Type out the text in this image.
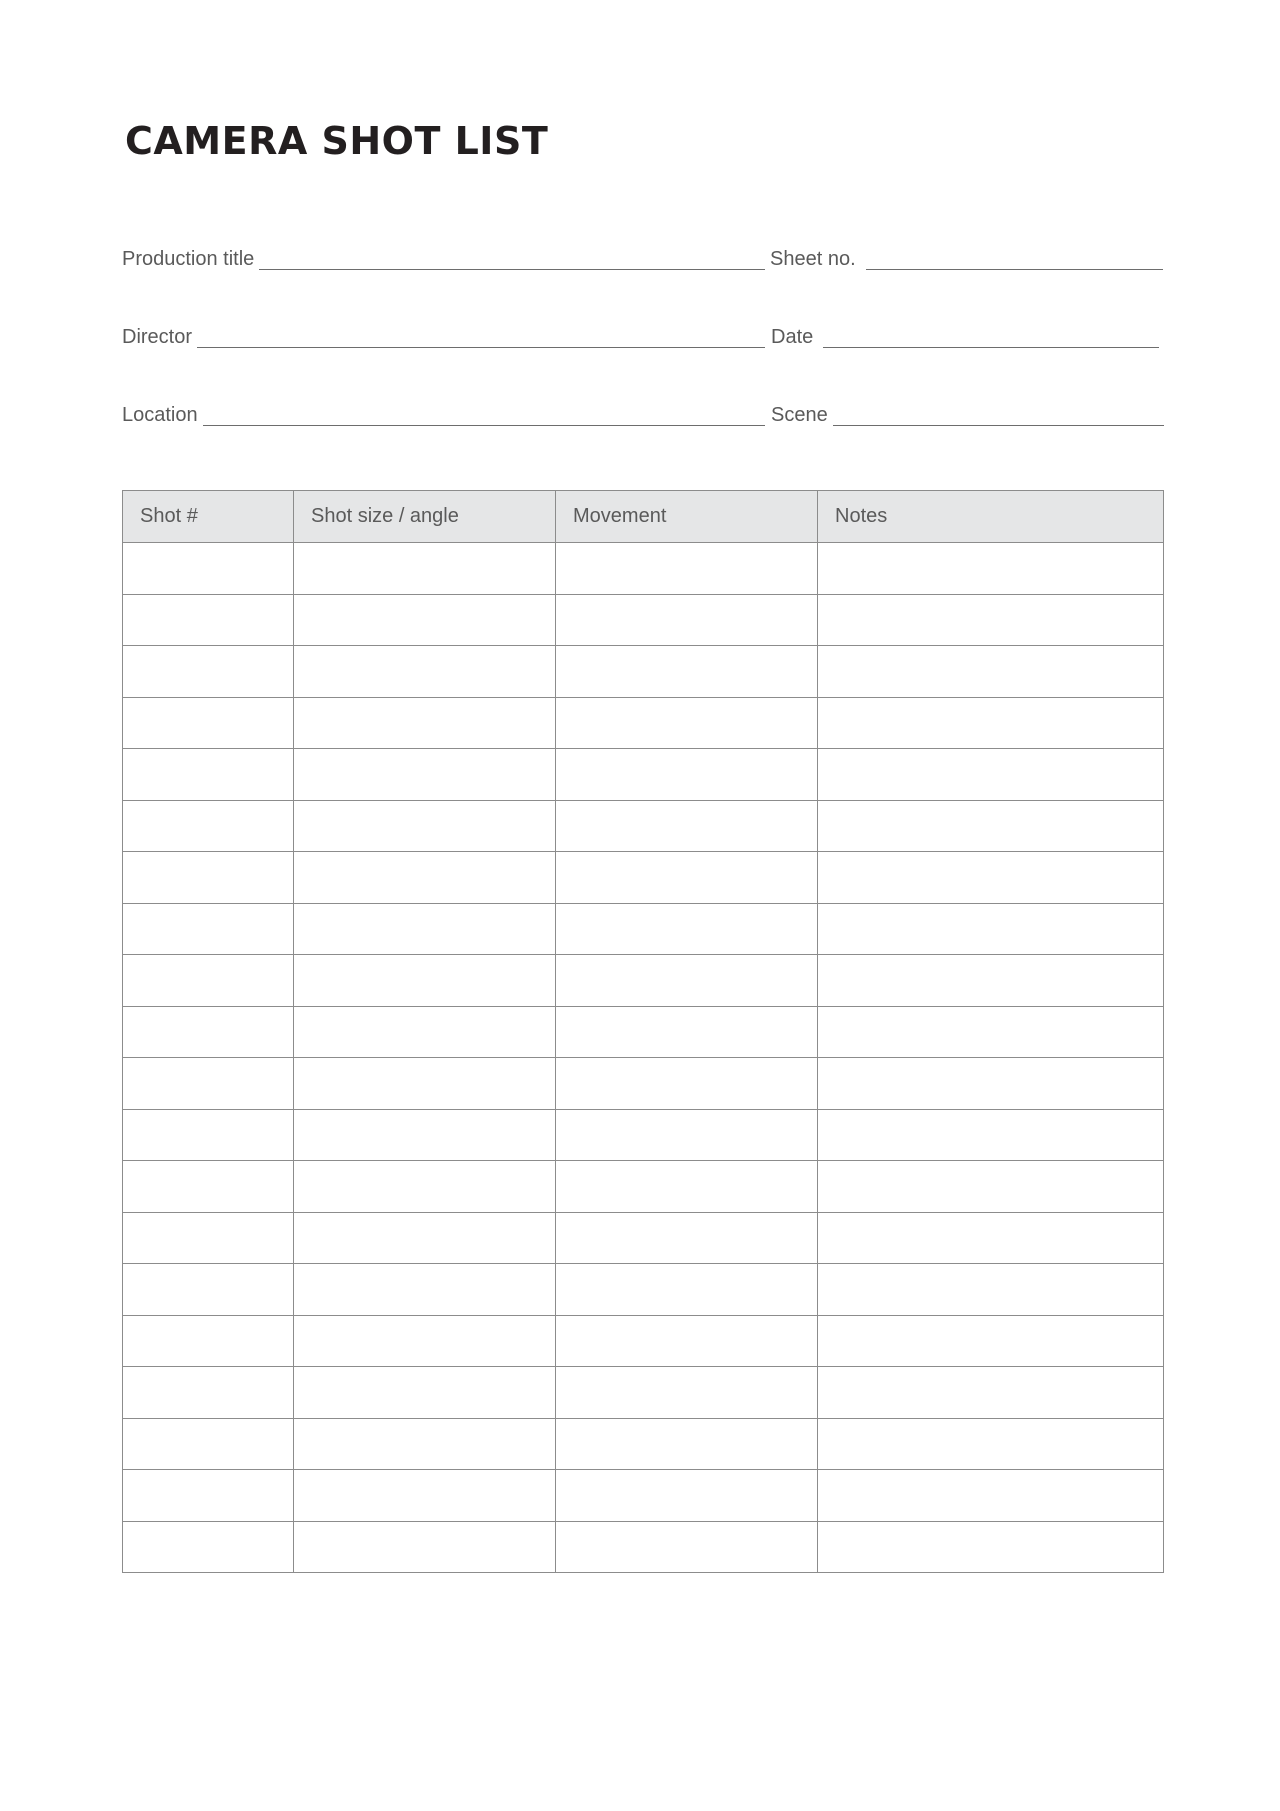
CAMERA SHOT LIST
Production title	Sheet no.
Director	Date
Location	Scene
Shot #	Shot size / angle	Movement	Notes
